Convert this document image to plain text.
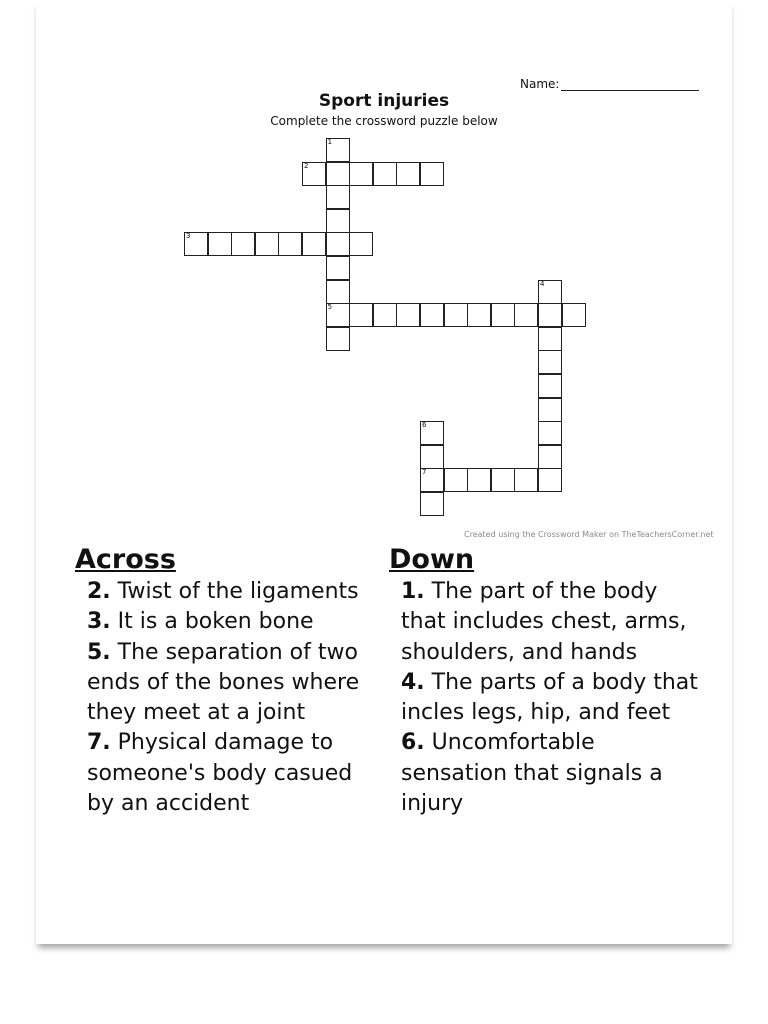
Name:
Sport injuries
Complete the crossword puzzle below
1
5
2
3
4
6
7
Created using the Crossword Maker on TheTeachersCorner.net
Across
2. Twist of the ligaments
3. It is a boken bone
5. The separation of two ends of the bones where they meet at a joint
7. Physical damage to someone's body casued by an accident
Down
1. The part of the body that includes chest, arms, shoulders, and hands
4. The parts of a body that incles legs, hip, and feet
6. Uncomfortable sensation that signals a injury
